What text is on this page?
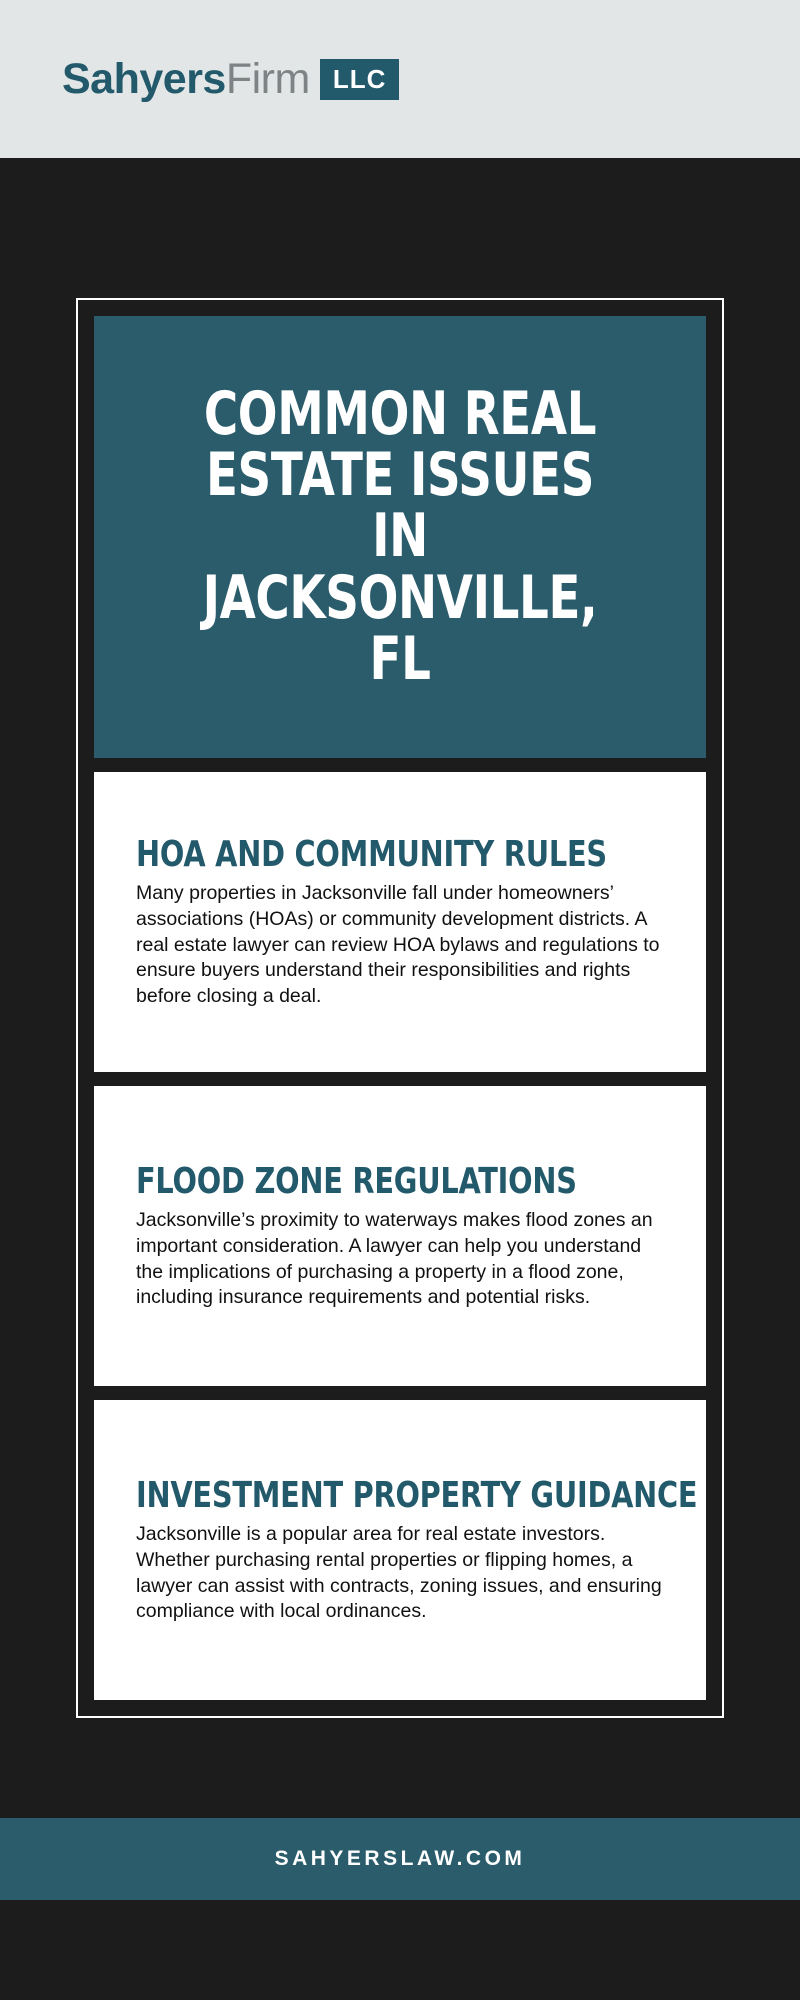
Sahyers Firm LLC
COMMON REAL ESTATE ISSUES IN JACKSONVILLE, FL
HOA AND COMMUNITY RULES

Many properties in Jacksonville fall under homeowners’ associations (HOAs) or community development districts. A real estate lawyer can review HOA bylaws and regulations to ensure buyers understand their responsibilities and rights before closing a deal.

FLOOD ZONE REGULATIONS

Jacksonville’s proximity to waterways makes flood zones an important consideration. A lawyer can help you understand the implications of purchasing a property in a flood zone, including insurance requirements and potential risks.

INVESTMENT PROPERTY GUIDANCE

Jacksonville is a popular area for real estate investors. Whether purchasing rental properties or flipping homes, a lawyer can assist with contracts, zoning issues, and ensuring compliance with local ordinances.

SAHYERSLAW.COM
